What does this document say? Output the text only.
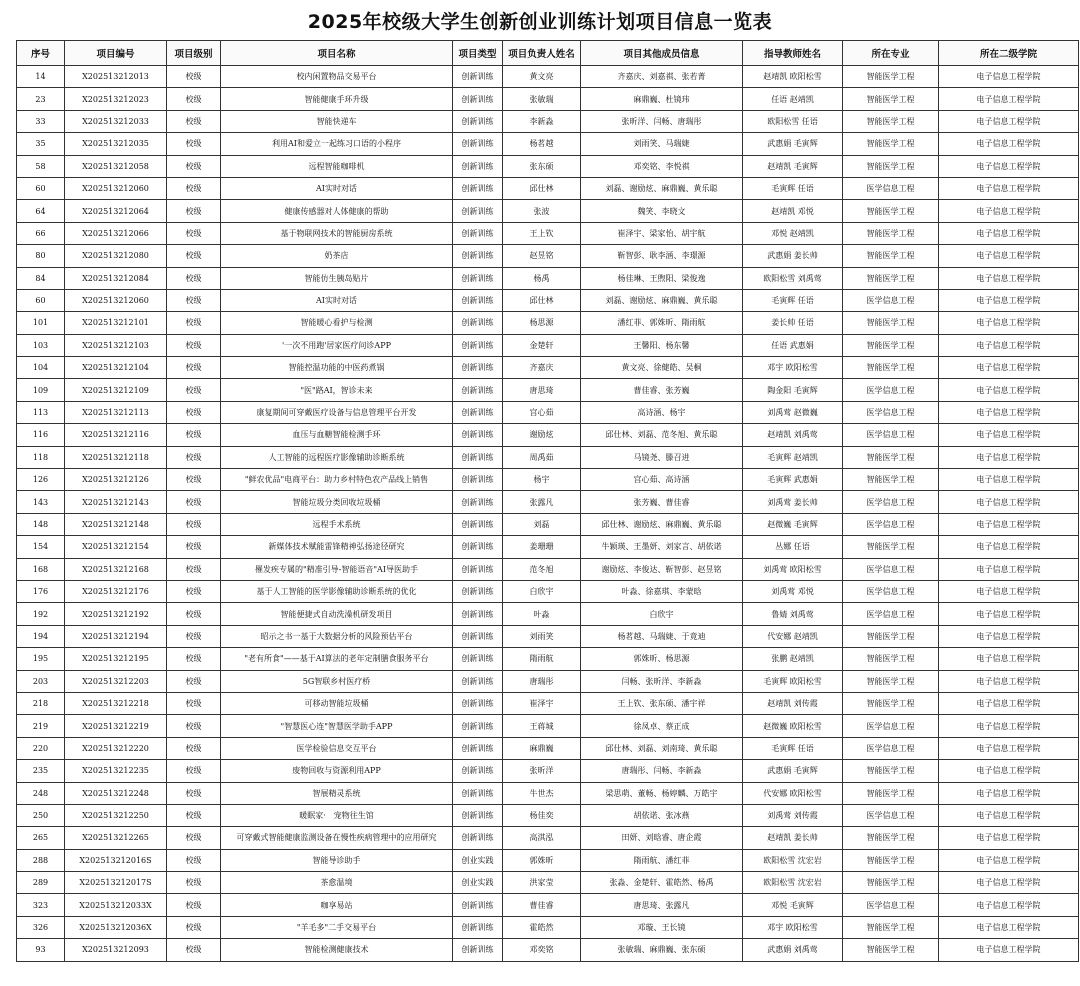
2025年校级大学生创新创业训练计划项目信息一览表
序号	项目编号	项目级别	项目名称	项目类型	项目负责人姓名	项目其他成员信息	指导教师姓名	所在专业	所在二级学院
14	X202513212013	校级	校内闲置物品交易平台	创新训练	黄文亮	齐嘉庆、刘嘉祺、张若菁	赵靖凯 欧阳松雪	智能医学工程	电子信息工程学院
23	X202513212023	校级	智能健康手环升级	创新训练	张敏瑞	麻鼎巍、杜镜玮	任语 赵靖凯	智能医学工程	电子信息工程学院
33	X202513212033	校级	智能快递车	创新训练	李新淼	张昕洋、闫畅、唐瑞彤	欧阳松雪 任语	智能医学工程	电子信息工程学院
35	X202513212035	校级	利用AI和爱立一起练习口语的小程序	创新训练	杨茗越	刘雨笑、马瑞婕	武惠娟 毛寅辉	智能医学工程	电子信息工程学院
58	X202513212058	校级	远程智能咖啡机	创新训练	张东硕	邓奕铭、李悦祺	赵靖凯 毛寅辉	智能医学工程	电子信息工程学院
60	X202513212060	校级	AI实时对话	创新训练	邱仕林	刘磊、谢励炫、麻鼎巍、黄乐聪	毛寅辉 任语	医学信息工程	电子信息工程学院
64	X202513212064	校级	健康传感器对人体健康的帮助	创新训练	张波	魏笑、李晓文	赵靖凯 邓悦	智能医学工程	电子信息工程学院
66	X202513212066	校级	基于物联网技术的智能厨房系统	创新训练	王上钦	崔泽宇、梁家怡、胡宇航	邓悦 赵靖凯	智能医学工程	电子信息工程学院
80	X202513212080	校级	奶茶店	创新训练	赵昱铭	靳智彭、耿李涵、李璟源	武惠娟 姜长帅	智能医学工程	电子信息工程学院
84	X202513212084	校级	智能仿生胰岛贴片	创新训练	杨禹	杨佳琳、王煦阳、梁俊逸	欧阳松雪 刘禹莺	智能医学工程	电子信息工程学院
60	X202513212060	校级	AI实时对话	创新训练	邱仕林	刘磊、谢励炫、麻鼎巍、黄乐聪	毛寅辉 任语	医学信息工程	电子信息工程学院
101	X202513212101	校级	智能暖心看护与检测	创新训练	杨思源	潘红菲、郭姝昕、隋雨航	姜长帅 任语	智能医学工程	电子信息工程学院
103	X202513212103	校级	'一次不用跑'居家医疗问诊APP	创新训练	金楚轩	王馨阳、杨东馨	任语 武惠娟	智能医学工程	电子信息工程学院
104	X202513212104	校级	智能控温功能的中医药煮锅	创新训练	齐嘉庆	黄文亮、徐健皓、吴桐	邓宇 欧阳松雪	智能医学工程	电子信息工程学院
109	X202513212109	校级	"医"路AI，智诊未来	创新训练	唐思琦	曹佳睿、张芳巍	陶金阳 毛寅辉	医学信息工程	电子信息工程学院
113	X202513212113	校级	康复期间可穿戴医疗设备与信息管理平台开发	创新训练	宫心茹	高诗涵、杨宇	刘禹莺 赵微巍	医学信息工程	电子信息工程学院
116	X202513212116	校级	血压与血糖智能检测手环	创新训练	谢励炫	邱仕林、刘磊、范冬旭、黄乐聪	赵靖凯 刘禹莺	医学信息工程	电子信息工程学院
118	X202513212118	校级	人工智能的远程医疗影像辅助诊断系统	创新训练	周禹茹	马镜尧、滕召进	毛寅辉 赵靖凯	智能医学工程	电子信息工程学院
126	X202513212126	校级	"鲜农优品"电商平台：助力乡村特色农产品线上销售	创新训练	杨宇	宫心茹、高诗涵	毛寅辉 武惠娟	智能医学工程	电子信息工程学院
143	X202513212143	校级	智能垃圾分类回收垃圾桶	创新训练	张露凡	张芳巍、曹佳睿	刘禹莺 姜长帅	医学信息工程	电子信息工程学院
148	X202513212148	校级	远程手术系统	创新训练	刘磊	邱仕林、谢励炫、麻鼎巍、黄乐聪	赵微巍 毛寅辉	医学信息工程	电子信息工程学院
154	X202513212154	校级	新媒体技术赋能雷锋精神弘扬途径研究	创新训练	姜珊珊	牛颖瑛、王墨妍、刘家言、胡依诺	丛娜 任语	智能医学工程	电子信息工程学院
168	X202513212168	校级	罹发疾专属的"精准引导-智能语音"AI导医助手	创新训练	范冬旭	谢励炫、李俊达、靳智彭、赵昱铭	刘禹莺 欧阳松雪	医学信息工程	电子信息工程学院
176	X202513212176	校级	基于人工智能的医学影像辅助诊断系统的优化	创新训练	白欣宇	叶淼、徐嘉琪、李蒙晗	刘禹莺 邓悦	医学信息工程	电子信息工程学院
192	X202513212192	校级	智能便捷式自动洗澡机研发项目	创新训练	叶淼	白欣宇	鲁婧 刘禹莺	医学信息工程	电子信息工程学院
194	X202513212194	校级	昭示之书一基于大数据分析的风险预估平台	创新训练	刘雨笑	杨茗越、马瑞婕、于竟迪	代安娜 赵靖凯	智能医学工程	电子信息工程学院
195	X202513212195	校级	"老有所食"——基于AI算法的老年定制膳食服务平台	创新训练	隋雨航	郭姝昕、杨思源	张鹏 赵靖凯	智能医学工程	电子信息工程学院
203	X202513212203	校级	5G智联乡村医疗桥	创新训练	唐瑞彤	闫畅、张昕洋、李新淼	毛寅辉 欧阳松雪	智能医学工程	电子信息工程学院
218	X202513212218	校级	可移动智能垃圾桶	创新训练	崔泽宇	王上钦、张东硕、潘宇祥	赵靖凯 刘传霞	智能医学工程	电子信息工程学院
219	X202513212219	校级	"智慧医心连"智慧医学助手APP	创新训练	王蒋城	徐凤卓、蔡正成	赵微巍 欧阳松雪	医学信息工程	电子信息工程学院
220	X202513212220	校级	医学检验信息交互平台	创新训练	麻鼎巍	邱仕林、刘磊、刘南琦、黄乐聪	毛寅辉 任语	医学信息工程	电子信息工程学院
235	X202513212235	校级	废物回收与资源利用APP	创新训练	张昕洋	唐瑞彤、闫畅、李新淼	武惠娟 毛寅辉	智能医学工程	电子信息工程学院
248	X202513212248	校级	智展精灵系统	创新训练	牛世杰	梁思萌、董畅、杨婷麟、万皓宇	代安娜 欧阳松雪	智能医学工程	电子信息工程学院
250	X202513212250	校级	暖眠家·　宠物往生馆	创新训练	杨佳奕	胡依诺、张冰燕	刘禹莺 刘传霞	医学信息工程	电子信息工程学院
265	X202513212265	校级	可穿戴式智能健康监测设备在慢性疾病管理中的应用研究	创新训练	高淇泓	田妍、刘晗睿、唐企霞	赵靖凯 姜长帅	智能医学工程	电子信息工程学院
288	X202513212016S	校级	智能导诊助手	创业实践	郭姝昕	隋雨航、潘红菲	欧阳松雪 沈宏岩	智能医学工程	电子信息工程学院
289	X202513212017S	校级	茶愈温境	创业实践	洪家莹	张淼、金楚轩、霍皓然、杨禹	欧阳松雪 沈宏岩	智能医学工程	电子信息工程学院
323	X202513212033X	校级	咖享易站	创新训练	曹佳睿	唐思琦、张露凡	邓悦 毛寅辉	医学信息工程	电子信息工程学院
326	X202513212036X	校级	"羊毛多"二手交易平台	创新训练	霍皓然	邓璇、王长镜	邓宇 欧阳松雪	智能医学工程	电子信息工程学院
93	X202513212093	校级	智能检测健康技术	创新训练	邓奕铭	张敏瑞、麻鼎巍、张东硕	武惠娟 刘禹莺	智能医学工程	电子信息工程学院
